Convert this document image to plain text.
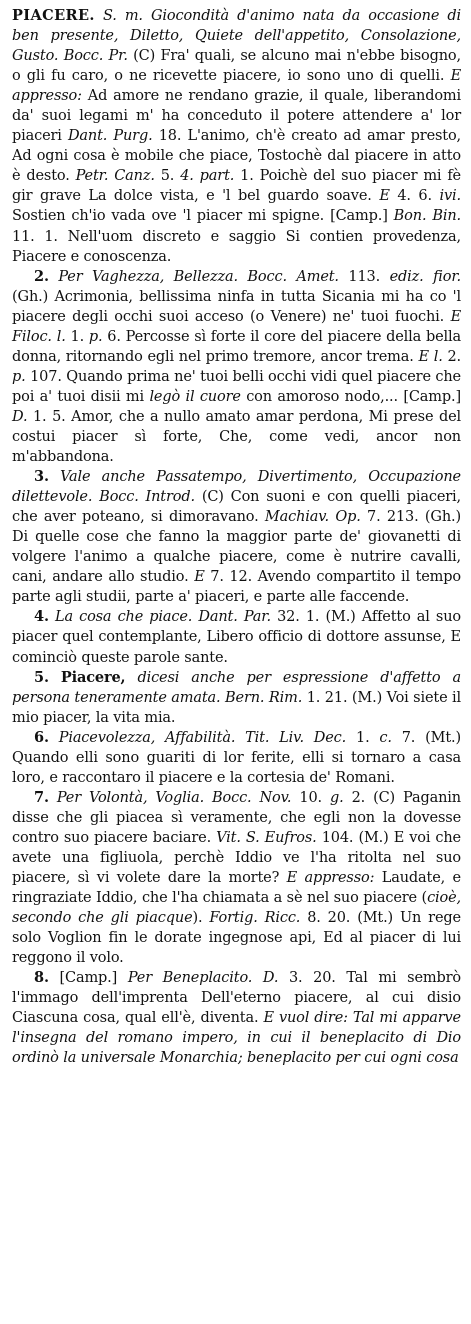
PIACERE. S. m. Giocondità d'animo nata da occasione di ben presente, Diletto, Quiete dell'appetito, Consolazione, Gusto. Bocc. Pr. (C) Fra' quali, se alcuno mai n'ebbe bisogno, o gli fu caro, o ne ricevette piacere, io sono uno di quelli. E appresso: Ad amore ne rendano grazie, il quale, liberandomi da' suoi legami m' ha conceduto il potere attendere a' lor piaceri Dant. Purg. 18. L'animo, ch'è creato ad amar presto, Ad ogni cosa è mobile che piace, Tostochè dal piacere in atto è desto. Petr. Canz. 5. 4. part. 1. Poichè del suo piacer mi fè gir grave La dolce vista, e 'l bel guardo soave. E 4. 6. ivi. Sostien ch'io vada ove 'l piacer mi spigne. [Camp.] Bon. Bin. 11. 1. Nell'uom discreto e saggio Si contien provedenza, Piacere e conoscenza.

2. Per Vaghezza, Bellezza. Bocc. Amet. 113. ediz. fior. (Gh.) Acrimonia, bellissima ninfa in tutta Sicania mi ha co 'l piacere degli occhi suoi acceso (o Venere) ne' tuoi fuochi. E Filoc. l. 1. p. 6. Percosse sì forte il core del piacere della bella donna, ritornando egli nel primo tremore, ancor trema. E l. 2. p. 107. Quando prima ne' tuoi belli occhi vidi quel piacere che poi a' tuoi disii mi legò il cuore con amoroso nodo,... [Camp.] D. 1. 5. Amor, che a nullo amato amar perdona, Mi prese del costui piacer sì forte, Che, come vedi, ancor non m'abbandona.

3. Vale anche Passatempo, Divertimento, Occupazione dilettevole. Bocc. Introd. (C) Con suoni e con quelli piaceri, che aver poteano, si dimoravano. Machiav. Op. 7. 213. (Gh.) Di quelle cose che fanno la maggior parte de' giovanetti di volgere l'animo a qualche piacere, come è nutrire cavalli, cani, andare allo studio. E 7. 12. Avendo compartito il tempo parte agli studii, parte a' piaceri, e parte alle faccende.

4. La cosa che piace. Dant. Par. 32. 1. (M.) Affetto al suo piacer quel contemplante, Libero officio di dottore assunse, E cominciò queste parole sante.

5. Piacere, dicesi anche per espressione d'affetto a persona teneramente amata. Bern. Rim. 1. 21. (M.) Voi siete il mio piacer, la vita mia.

6. Piacevolezza, Affabilità. Tit. Liv. Dec. 1. c. 7. (Mt.) Quando elli sono guariti di lor ferite, elli si tornaro a casa loro, e raccontaro il piacere e la cortesia de' Romani.

7. Per Volontà, Voglia. Bocc. Nov. 10. g. 2. (C) Paganin disse che gli piacea sì veramente, che egli non la dovesse contro suo piacere baciare. Vit. S. Eufros. 104. (M.) E voi che avete una figliuola, perchè Iddio ve l'ha ritolta nel suo piacere, sì vi volete dare la morte? E appresso: Laudate, e ringraziate Iddio, che l'ha chiamata a sè nel suo piacere (cioè, secondo che gli piacque). Fortig. Ricc. 8. 20. (Mt.) Un rege solo Voglion fin le dorate ingegnose api, Ed al piacer di lui reggono il volo.

8. [Camp.] Per Beneplacito. D. 3. 20. Tal mi sembrò l'immago dell'imprenta Dell'eterno piacere, al cui disio Ciascuna cosa, qual ell'è, diventa. E vuol dire: Tal mi apparve l'insegna del romano impero, in cui il beneplacito di Dio ordinò la universale Monarchia; beneplacito per cui ogni cosa
